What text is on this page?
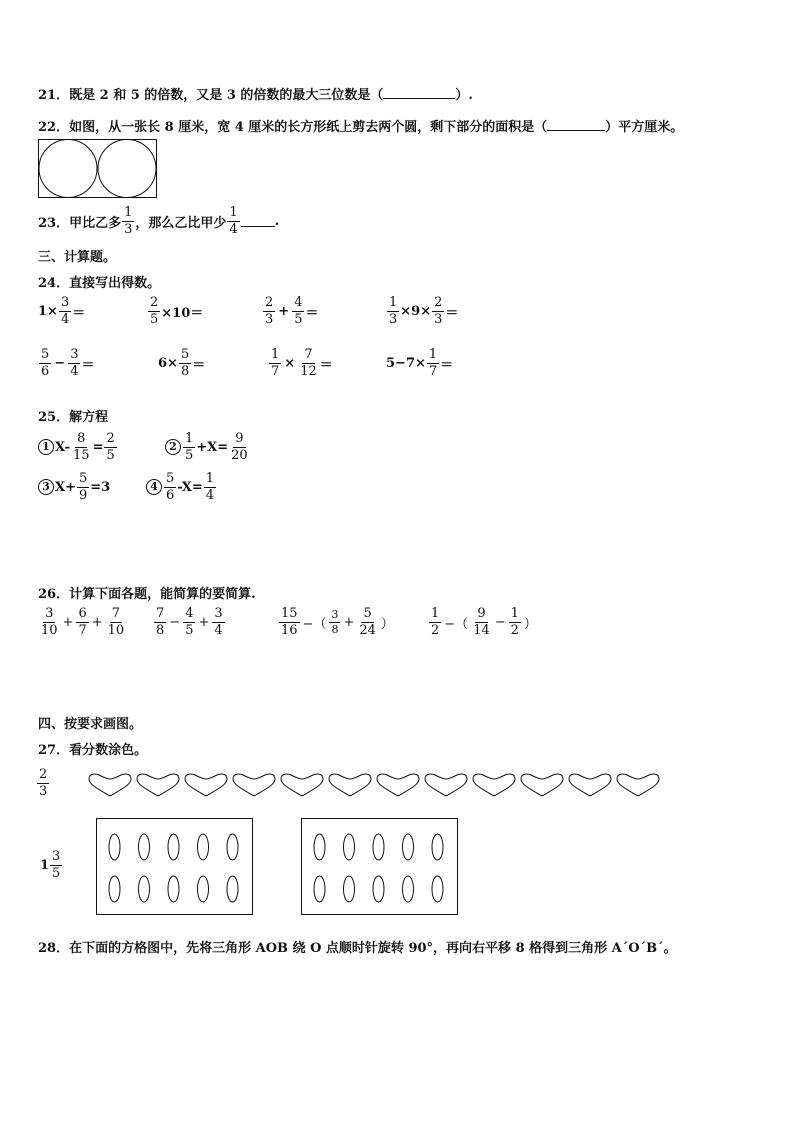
21．既是 2 和 5 的倍数，又是 3 的倍数的最大三位数是（	）.
22．如图，从一张长 8 厘米，宽 4 厘米的长方形纸上剪去两个圆，剩下部分的面积是（	）平方厘米。
23． 甲比乙多 $\frac{1}{3}$ ，那么乙比甲少 $\frac{1}{4}$	.
三、计算题。
24．直接写出得数。
$1\times \frac{3}{4}$ ＝	$\frac{2}{5} \times 10=$	$\frac{2}{3} + \frac{4}{5}$ ＝	$\frac{1}{3} \times 9\times \frac{2}{3}$ ＝
$\frac{5}{6} - \frac{3}{4}$ ＝	$6\times \frac{5}{8}$ ＝	$\frac{1}{7} \times \frac{7}{12}$ ＝	$5-7\times \frac{1}{7}$ ＝
25．解方程
1 $X- \frac{8}{15} = \frac{2}{5}$	$2 \frac{1}{5} +X= \frac{9}{20}$
3 $X+ \frac{5}{9} =3$	$4 \frac{5}{6} -X= \frac{1}{4}$
26．计算下面各题，能简算的要简算.
$\frac{3}{10} + \frac{6}{7} + \frac{7}{10} \frac{7}{8} - \frac{4}{5} + \frac{3}{4}$	$\frac{15}{16}$ −（ $\frac{3}{8} + \frac{5}{24}$ ）	$\frac{1}{2}$ −（ $\frac{9}{14} - \frac{1}{2}$ ）
四、按要求画图。
27．看分数涂色。
$\frac{2}{3}$
$1 \frac{3}{5}$
28．在下面的方格图中，先将三角形 AOB 绕 O 点顺时针旋转 90°，再向右平移 8 格得到三角形 A´O´B´。
